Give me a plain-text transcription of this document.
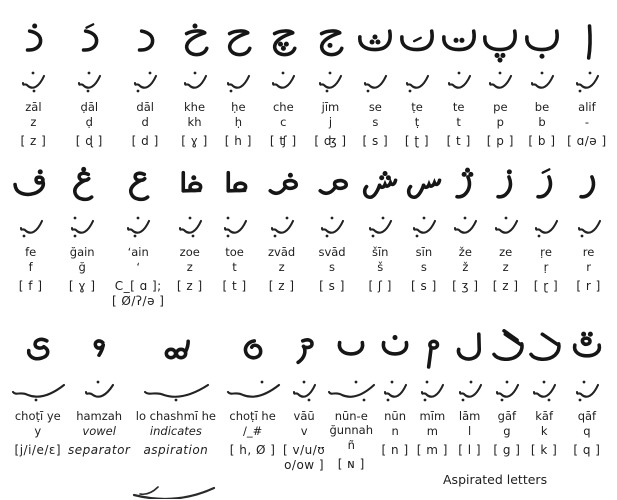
zāl
z
[ z ]
ḍāl
ḍ
[ ɖ ]
dāl
d
[ d ]
khe
kh
[ ɣ ]
ḥe
ḥ
[ h ]
che
c
[ ʧ ]
jīm
j
[ ʤ ]
se
s
[ s ]
ṭe
ṭ
[ ʈ ]
te
t
[ t ]
pe
p
[ p ]
be
b
[ b ]
alif
-
[ ɑ/ə ]
fe
f
[ f ]
ğain
ğ
[ ɣ ]
ʻain
ʻ
C_[ ɑ ];
[ Ø/ʔ/ə ]
zoe
z
[ z ]
toe
t
[ t ]
zvād
z
[ z ]
svād
s
[ s ]
šīn
š
[ ʃ ]
sīn
s
[ s ]
že
ž
[ ʒ ]
ze
z
[ z ]
ṛe
ṛ
[ ɽ ]
re
r
[ r ]
choṭī ye
y
[j/i/e/ɛ]
hamzah
vowel
separator
lo chashmī he
indicates
aspiration
choṭī he
/_#
[ h, Ø ]
vāū
v
[ v/u/ʊ
o/ow ]
nūn-e
ğunnah
ñ
[ ɴ ]
nūn
n
[ n ]
mīm
m
[ m ]
lām
l
[ l ]
gāf
g
[ g ]
kāf
k
[ k ]
qāf
q
[ q ]
Aspirated letters
